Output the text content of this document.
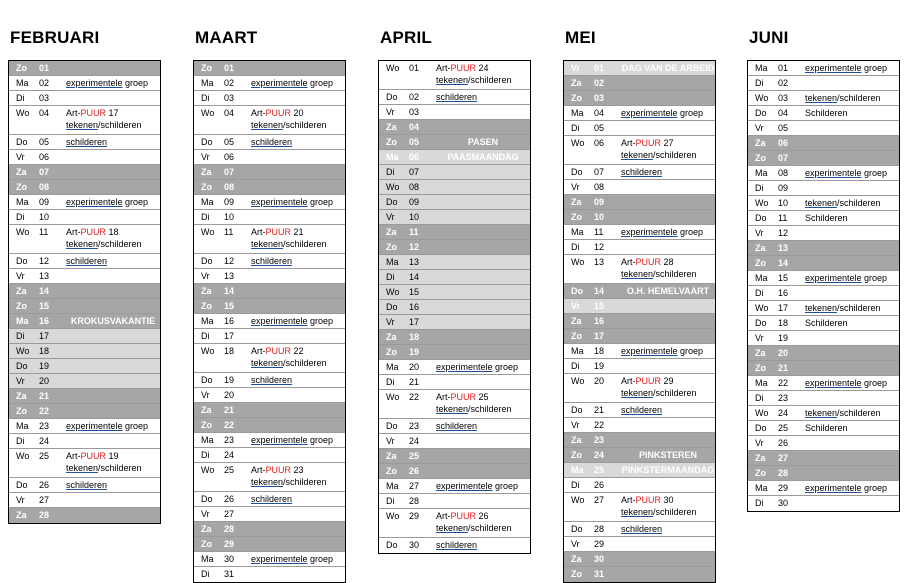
FEBRUARI
Zo 01
Ma 02 experimentele groep
Di 03
Wo 04 Art-PUUR 17
tekenen/schilderen
Do 05 schilderen
Vr 06
Za 07
Zo 08
Ma 09 experimentele groep
Di 10
Wo 11 Art-PUUR 18
tekenen/schilderen
Do 12 schilderen
Vr 13
Za 14
Zo 15
Ma 16	KROKUSVAKANTIE
Di 17
Wo 18
Do 19
Vr 20
Za 21
Zo 22
Ma 23 experimentele groep
Di 24
Wo 25 Art-PUUR 19
tekenen/schilderen
Do 26 schilderen
Vr 27
Za 28
MAART
Zo 01
Ma 02 experimentele groep
Di 03
Wo 04 Art-PUUR 20
tekenen/schilderen
Do 05 schilderen
Vr 06
Za 07
Zo 08
Ma 09 experimentele groep
Di 10
Wo 11 Art-PUUR 21
tekenen/schilderen
Do 12 schilderen
Vr 13
Za 14
Zo 15
Ma 16 experimentele groep
Di 17
Wo 18 Art-PUUR 22
tekenen/schilderen
Do 19 schilderen
Vr 20
Za 21
Zo 22
Ma 23 experimentele groep
Di 24
Wo 25 Art-PUUR 23
tekenen/schilderen
Do 26 schilderen
Vr 27
Za 28
Zo 29
Ma 30 experimentele groep
Di 31
APRIL
Wo 01 Art-PUUR 24
tekenen/schilderen
Do 02 schilderen
Vr 03
Za 04
Zo 05	PASEN
Ma 06	PAASMAANDAG
Di 07
Wo 08
Do 09
Vr 10
Za 11
Zo 12
Ma 13
Di 14
Wo 15
Do 16
Vr 17
Za 18
Zo 19
Ma 20 experimentele groep
Di 21
Wo 22 Art-PUUR 25
tekenen/schilderen
Do 23 schilderen
Vr 24
Za 25
Zo 26
Ma 27 experimentele groep
Di 28
Wo 29 Art-PUUR 26
tekenen/schilderen
Do 30 schilderen
MEI
Vr 01 DAG VAN DE ARBEID
Za 02
Zo 03
Ma 04 experimentele groep
Di 05
Wo 06 Art-PUUR 27
tekenen/schilderen
Do 07 schilderen
Vr 08
Za 09
Zo 10
Ma 11 experimentele groep
Di 12
Wo 13 Art-PUUR 28
tekenen/schilderen
Do 14	O.H. HEMELVAART
Vr 15
Za 16
Zo 17
Ma 18 experimentele groep
Di 19
Wo 20 Art-PUUR 29
tekenen/schilderen
Do 21 schilderen
Vr 22
Za 23
Zo 24	PINKSTEREN
Ma 25 PINKSTERMAANDAG
Di 26
Wo 27 Art-PUUR 30
tekenen/schilderen
Do 28 schilderen
Vr 29
Za 30
Zo 31
JUNI
Ma 01 experimentele groep
Di 02
Wo 03 tekenen/schilderen
Do 04 Schilderen
Vr 05
Za 06
Zo 07
Ma 08 experimentele groep
Di 09
Wo 10 tekenen/schilderen
Do 11 Schilderen
Vr 12
Za 13
Zo 14
Ma 15 experimentele groep
Di 16
Wo 17 tekenen/schilderen
Do 18 Schilderen
Vr 19
Za 20
Zo 21
Ma 22 experimentele groep
Di 23
Wo 24 tekenen/schilderen
Do 25 Schilderen
Vr 26
Za 27
Zo 28
Ma 29 experimentele groep
Di 30
